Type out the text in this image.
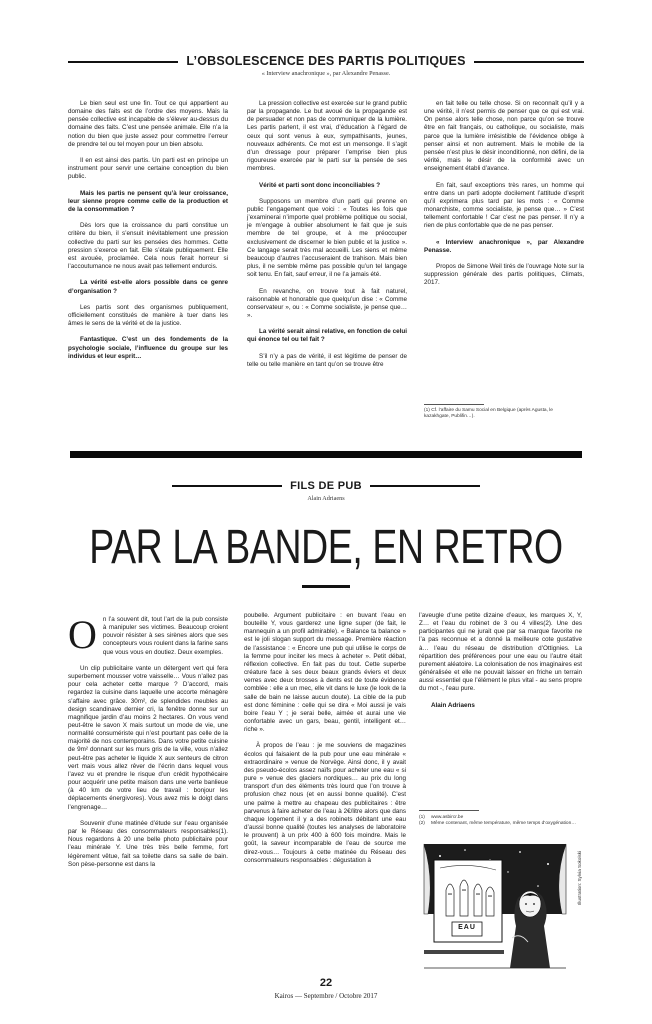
L’OBSOLESCENCE DES PARTIS POLITIQUES
« Interview anachronique », par Alexandre Penasse.

Le bien seul est une fin. Tout ce qui appartient au domaine des faits est de l’ordre des moyens. Mais la pensée collective est incapable de s’élever au-dessus du domaine des faits. C’est une pensée animale. Elle n’a la notion du bien que juste assez pour commettre l’erreur de prendre tel ou tel moyen pour un bien absolu.

Il en est ainsi des partis. Un parti est en principe un instrument pour servir une certaine conception du bien public.

Mais les partis ne pensent qu’à leur croissance, leur sienne propre comme celle de la production et de la consommation ?

Dès lors que la croissance du parti constitue un critère du bien, il s’ensuit inévitablement une pression collective du parti sur les pensées des hommes. Cette pression s’exerce en fait. Elle s’étale publiquement. Elle est avouée, proclamée. Cela nous ferait horreur si l’accoutumance ne nous avait pas tellement endurcis.

La vérité est-elle alors possible dans ce genre d’organisation ?

Les partis sont des organismes publiquement, officiellement constitués de manière à tuer dans les âmes le sens de la vérité et de la justice.

Fantastique. C’est un des fondements de la psychologie sociale, l’influence du groupe sur les individus et leur esprit…

La pression collective est exercée sur le grand public par la propagande. Le but avoué de la propagande est de persuader et non pas de communiquer de la lumière. Les partis parlent, il est vrai, d’éducation à l’égard de ceux qui sont venus à eux, sympathisants, jeunes, nouveaux adhérents. Ce mot est un mensonge. Il s’agit d’un dressage pour préparer l’emprise bien plus rigoureuse exercée par le parti sur la pensée de ses membres.

Vérité et parti sont donc inconciliables ?

Supposons un membre d’un parti qui prenne en public l’engagement que voici : « Toutes les fois que j’examinerai n’importe quel problème politique ou social, je m’engage à oublier absolument le fait que je suis membre de tel groupe, et à me préoccuper exclusivement de discerner le bien public et la justice ». Ce langage serait très mal accueilli. Les siens et même beaucoup d’autres l’accuseraient de trahison. Mais bien plus, il ne semble même pas possible qu’un tel langage soit tenu. En fait, sauf erreur, il ne l’a jamais été.

En revanche, on trouve tout à fait naturel, raisonnable et honorable que quelqu’un dise : « Comme conservateur », ou : « Comme socialiste, je pense que… ».

La vérité serait ainsi relative, en fonction de celui qui énonce tel ou tel fait ?

S’il n’y a pas de vérité, il est légitime de penser de telle ou telle manière en tant qu’on se trouve être

en fait telle ou telle chose. Si on reconnaît qu’il y a une vérité, il n’est permis de penser que ce qui est vrai. On pense alors telle chose, non parce qu’on se trouve être en fait français, ou catholique, ou socialiste, mais parce que la lumière irrésistible de l’évidence oblige à penser ainsi et non autrement. Mais le mobile de la pensée n’est plus le désir inconditionné, non défini, de la vérité, mais le désir de la conformité avec un enseignement établi d’avance.

En fait, sauf exceptions très rares, un homme qui entre dans un parti adopte docilement l’attitude d’esprit qu’il exprimera plus tard par les mots : « Comme monarchiste, comme socialiste, je pense que… » C’est tellement confortable ! Car c’est ne pas penser. Il n’y a rien de plus confortable que de ne pas penser.

« Interview anachronique », par Alexandre Penasse.

Propos de Simone Weil tirés de l’ouvrage Note sur la suppression générale des partis politiques, Climats, 2017.

(1) Cf. l’affaire du Samu Social en Belgique (après Agusta, le kazakhgate, Publifin…).
FILS DE PUB
Alain Adriaens
PAR LA BANDE, EN RETRO

On l’a souvent dit, tout l’art de la pub consiste à manipuler ses victimes. Beaucoup croient pouvoir résister à ses sirènes alors que ses concepteurs vous roulent dans la farine sans que vous vous en doutiez. Deux exemples.

Un clip publicitaire vante un détergent vert qui fera superbement mousser votre vaisselle… Vous n’allez pas pour cela acheter cette marque ? D’accord, mais regardez la cuisine dans laquelle une accorte ménagère s’affaire avec grâce. 30m², de splendides meubles au design scandinave dernier cri, la fenêtre donne sur un magnifique jardin d’au moins 2 hectares. On vous vend peut-être le savon X mais surtout un mode de vie, une normalité consumériste qui n’est pourtant pas celle de la majorité de nos contemporains. Dans votre petite cuisine de 9m² donnant sur les murs gris de la ville, vous n’allez peut-être pas acheter le liquide X aux senteurs de citron vert mais vous allez rêver de l’écrin dans lequel vous l’avez vu et prendre le risque d’un crédit hypothécaire pour acquérir une petite maison dans une verte banlieue (à 40 km de votre lieu de travail : bonjour les déplacements énergivores). Vous avez mis le doigt dans l’engrenage…

Souvenir d’une matinée d’étude sur l’eau organisée par le Réseau des consommateurs responsables(1). Nous regardons à 20 une belle photo publicitaire pour l’eau minérale Y. Une très très belle femme, fort légèrement vêtue, fait sa toilette dans sa salle de bain. Son pèse-personne est dans la

poubelle. Argument publicitaire : en buvant l’eau en bouteille Y, vous garderez une ligne super (de fait, le mannequin a un profil admirable). « Balance ta balance » est le joli slogan support du message. Première réaction de l’assistance : « Encore une pub qui utilise le corps de la femme pour inciter les mecs à acheter ». Petit débat, réflexion collective. En fait pas du tout. Cette superbe créature face à ses deux beaux grands éviers et deux verres avec deux brosses à dents est de toute évidence comblée : elle a un mec, elle vit dans le luxe (le look de la salle de bain ne laisse aucun doute). La cible de la pub est donc féminine : celle qui se dira « Moi aussi je vais boire l’eau Y ; je serai belle, aimée et aurai une vie confortable avec un gars, beau, gentil, intelligent et… riche ».

À propos de l’eau : je me souviens de magazines écolos qui faisaient de la pub pour une eau minérale « extraordinaire » venue de Norvège. Ainsi donc, il y avait des pseudo-écolos assez naïfs pour acheter une eau « si pure » venue des glaciers nordiques… au prix du long transport d’un des éléments très lourd que l’on trouve à profusion chez nous (et en aussi bonne qualité). C’est une palme à mettre au chapeau des publicitaires : être parvenus à faire acheter de l’eau à 2€/litre alors que dans chaque logement il y a des robinets débitant une eau d’aussi bonne qualité (toutes les analyses de laboratoire le prouvent) à un prix 400 à 600 fois moindre. Mais le goût, la saveur incomparable de l’eau de source me direz-vous… Toujours à cette matinée du Réseau des consommateurs responsables : dégustation à

l’aveugle d’une petite dizaine d’eaux, les marques X, Y, Z… et l’eau du robinet de 3 ou 4 villes(2). Une des participantes qui ne jurait que par sa marque favorite ne l’a pas reconnue et a donné la meilleure cote gustative à… l’eau du réseau de distribution d’Ottignies. La répartition des préférences pour une eau ou l’autre était purement aléatoire. La colonisation de nos imaginaires est généralisée et elle ne pouvait laisser en friche un terrain aussi essentiel que l’élément le plus vital - au sens propre du mot -, l’eau pure.

Alain Adriaens

(1) www.asbircr.be
(2) Même contenant, même température, même temps d’oxygénation…
EAU
Illustration: Sylvia Sokolski
22
Kairos — Septembre / Octobre 2017
